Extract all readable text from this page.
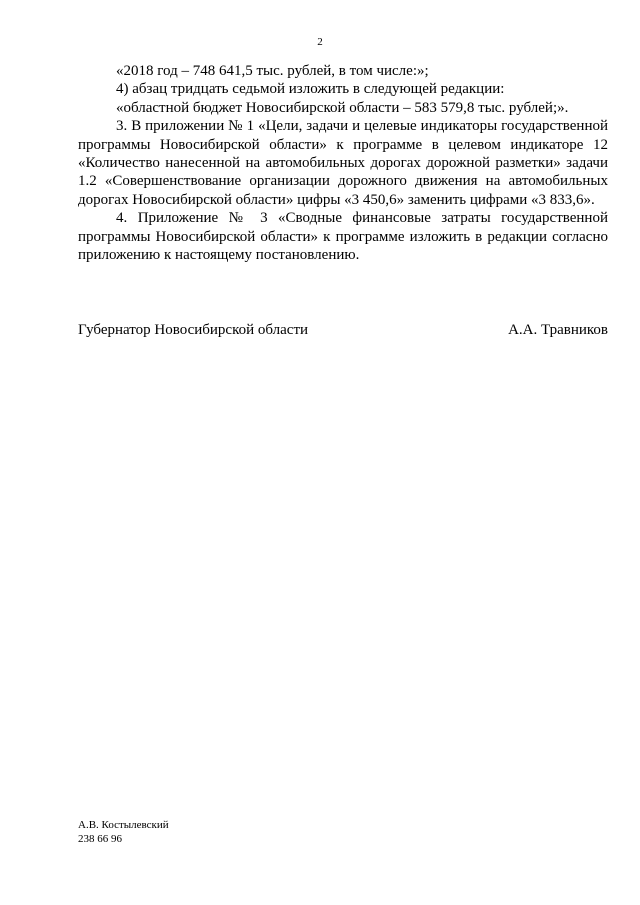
2

«2018 год – 748 641,5 тыс. рублей, в том числе:»;

4) абзац тридцать седьмой изложить в следующей редакции:

«областной бюджет Новосибирской области – 583 579,8 тыс. рублей;».

3. В приложении № 1 «Цели, задачи и целевые индикаторы государственной программы Новосибирской области» к программе в целевом индикаторе 12 «Количество нанесенной на автомобильных дорогах дорожной разметки» задачи 1.2 «Совершенствование организации дорожного движения на автомобильных дорогах Новосибирской области» цифры «3 450,6» заменить цифрами «3 833,6».

4. Приложение № 3 «Сводные финансовые затраты государственной программы Новосибирской области» к программе изложить в редакции согласно приложению к настоящему постановлению.

Губернатор Новосибирской области	А.А. Травников
А.В. Костылевский
238 66 96
